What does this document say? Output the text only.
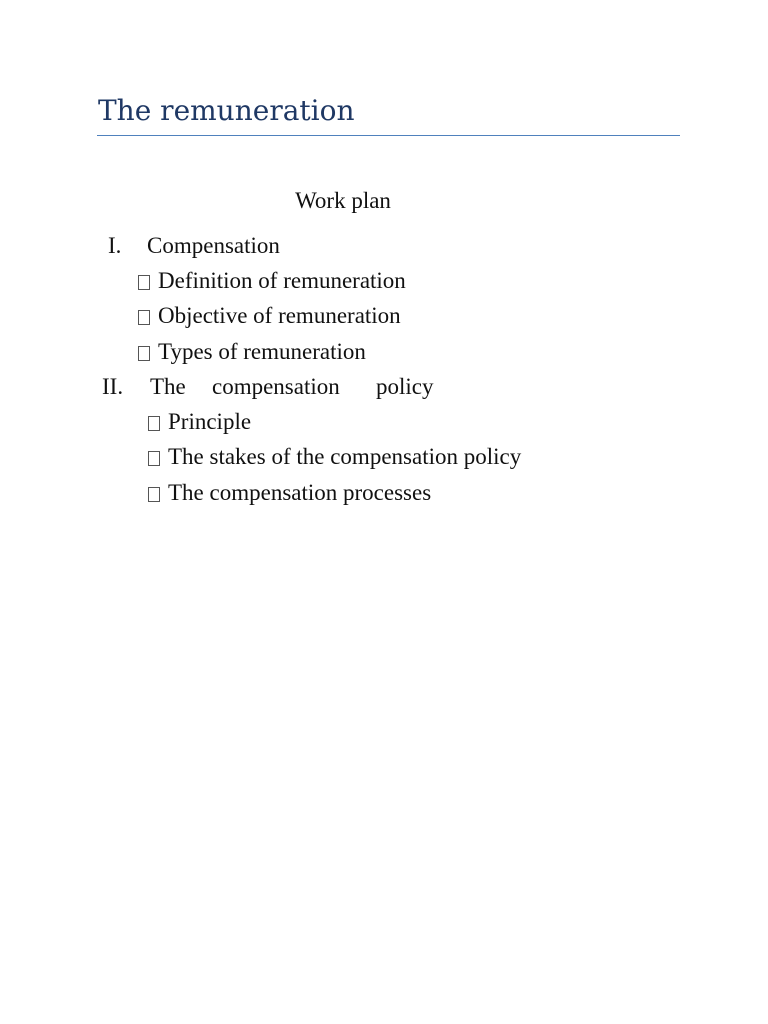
The remuneration
Work plan
I. Compensation
Definition of remuneration
Objective of remuneration
Types of remuneration
II. The compensation policy
Principle
The stakes of the compensation policy
The compensation processes
